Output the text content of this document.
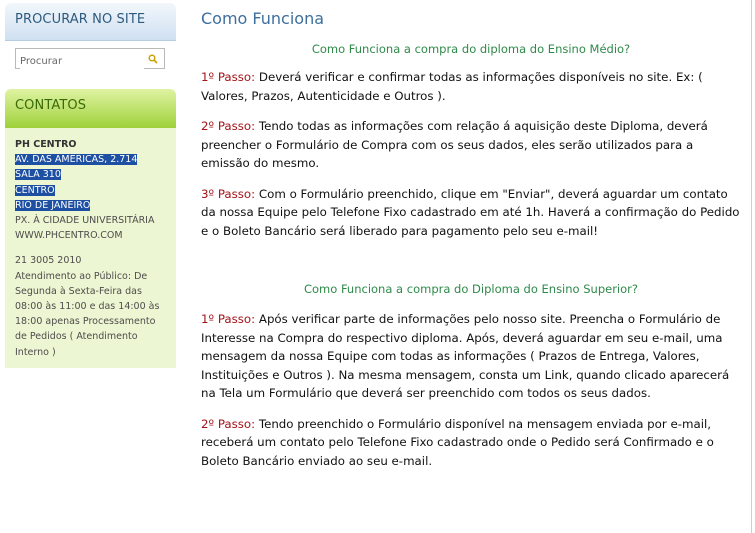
PROCURAR NO SITE
Procurar
CONTATOS
PH CENTRO
AV. DAS AMERICAS, 2.714
SALA 310
CENTRO
RIO DE JANEIRO
PX. À CIDADE UNIVERSITÁRIA
WWW.PHCENTRO.COM
21 3005 2010
Atendimento ao Público: De Segunda à Sexta-Feira das 08:00 às 11:00 e das 14:00 às 18:00 apenas Processamento de Pedidos ( Atendimento Interno )
Como Funciona

Como Funciona a compra do diploma do Ensino Médio?

1º Passo: Deverá verificar e confirmar todas as informações disponíveis no site. Ex: ( Valores, Prazos, Autenticidade e Outros ).

2º Passo: Tendo todas as informações com relação á aquisição deste Diploma, deverá preencher o Formulário de Compra com os seus dados, eles serão utilizados para a emissão do mesmo.

3º Passo: Com o Formulário preenchido, clique em "Enviar", deverá aguardar um contato da nossa Equipe pelo Telefone Fixo cadastrado em até 1h. Haverá a confirmação do Pedido e o Boleto Bancário será liberado para pagamento pelo seu e-mail!

Como Funciona a compra do Diploma do Ensino Superior?

1º Passo: Após verificar parte de informações pelo nosso site. Preencha o Formulário de Interesse na Compra do respectivo diploma. Após, deverá aguardar em seu e-mail, uma mensagem da nossa Equipe com todas as informações ( Prazos de Entrega, Valores, Instituições e Outros ). Na mesma mensagem, consta um Link, quando clicado aparecerá na Tela um Formulário que deverá ser preenchido com todos os seus dados.

2º Passo: Tendo preenchido o Formulário disponível na mensagem enviada por e-mail, receberá um contato pelo Telefone Fixo cadastrado onde o Pedido será Confirmado e o Boleto Bancário enviado ao seu e-mail.
